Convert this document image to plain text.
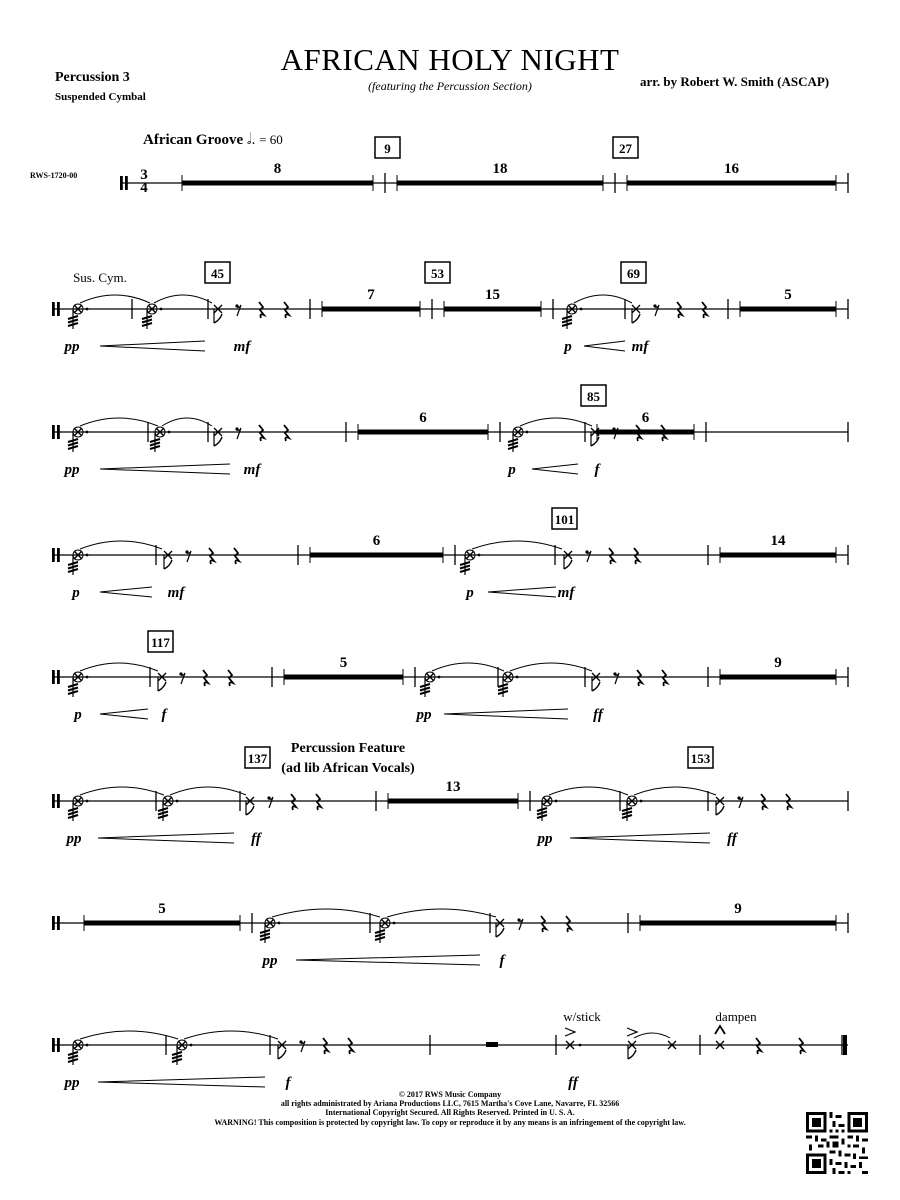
AFRICAN HOLY NIGHT
(featuring the Percussion Section)
Percussion 3
Suspended Cymbal
arr. by Robert W. Smith (ASCAP)
RWS-1720-00
African Groove 𝅗𝅥. = 60
3
4
8	18	16
9	27
7	15	5
45	53	69
pp	mf	p	mf
Sus. Cym.
6	6
85
pp	mf	p	f
6	14
101
p	mf	p	mf
5	9
117
p	f	pp	ff
13
137	153
pp	ff	pp	ff
Percussion Feature
(ad lib African Vocals)
5	9
pp	f
pp	f
w/stick
ff
dampen
© 2017 RWS Music Company
all rights administrated by Ariana Productions LLC, 7615 Martha's Cove Lane, Navarre, FL 32566
International Copyright Secured. All Rights Reserved. Printed in U. S. A.
WARNING! This composition is protected by copyright law. To copy or reproduce it by any means is an infringement of the copyright law.
